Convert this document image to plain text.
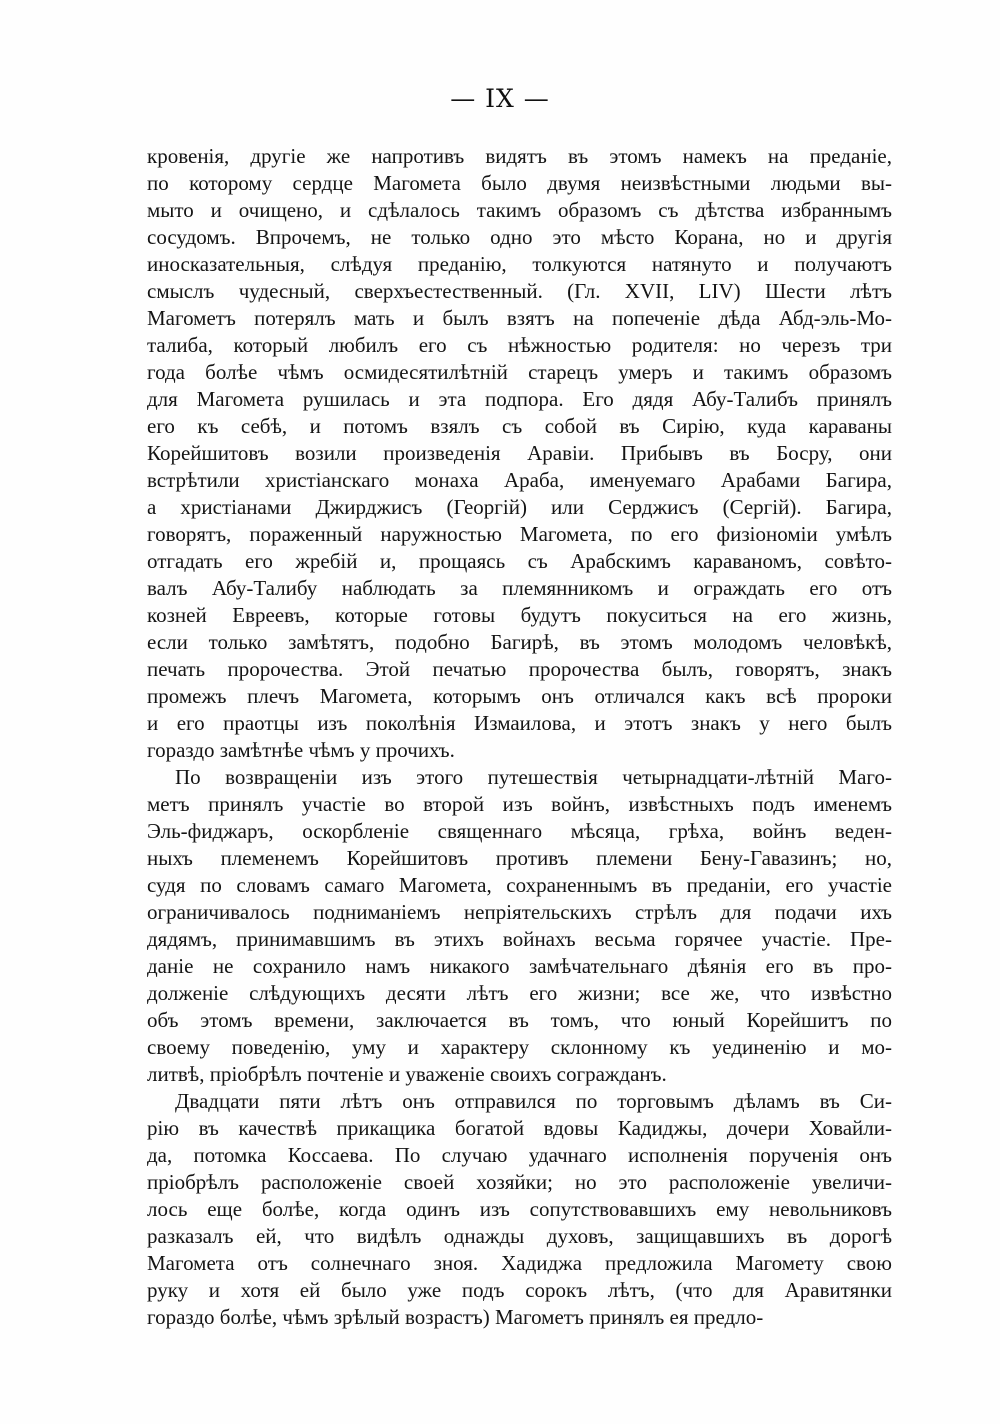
— IX —
кровенія, другіе же напротивъ видятъ въ этомъ намекъ на преданіе,
по которому сердце Магомета было двумя неизвѣстными людьми вы-
мыто и очищено, и сдѣлалось такимъ образомъ съ дѣтства избраннымъ
сосудомъ. Впрочемъ, не только одно это мѣсто Корана, но и другія
иносказательныя, слѣдуя преданію, толкуются натянуто и получаютъ
смыслъ чудесный, сверхъестественный. (Гл. XVII, LIV) Шести лѣтъ
Магометъ потерялъ мать и былъ взятъ на попеченіе дѣда Абд-эль-Мо-
талиба, который любилъ его съ нѣжностью родителя: но черезъ три
года болѣе чѣмъ осмидесятилѣтній старецъ умеръ и такимъ образомъ
для Магомета рушилась и эта подпора. Его дядя Абу-Талибъ принялъ
его къ себѣ, и потомъ взялъ съ собой въ Сирію, куда караваны
Корейшитовъ возили произведенія Аравіи. Прибывъ въ Босру, они
встрѣтили христіанскаго монаха Араба, именуемаго Арабами Багира,
а христіанами Джирджисъ (Георгій) или Серджисъ (Сергій). Багира,
говорятъ, пораженный наружностью Магомета, по его физіономіи умѣлъ
отгадать его жребій и, прощаясь съ Арабскимъ караваномъ, совѣто-
валъ Абу-Талибу наблюдать за племянникомъ и ограждать его отъ
козней Евреевъ, которые готовы будутъ покуситься на его жизнь,
если только замѣтятъ, подобно Багирѣ, въ этомъ молодомъ человѣкѣ,
печать пророчества. Этой печатью пророчества былъ, говорятъ, знакъ
промежъ плечъ Магомета, которымъ онъ отличался какъ всѣ пророки
и его праотцы изъ поколѣнія Измаилова, и этотъ знакъ у него былъ
гораздо замѣтнѣе чѣмъ у прочихъ.
По возвращеніи изъ этого путешествія четырнадцати-лѣтній Маго-
метъ принялъ участіе во второй изъ войнъ, извѣстныхъ подъ именемъ
Эль-фиджаръ, оскорбленіе священнаго мѣсяца, грѣха, войнъ веден-
ныхъ племенемъ Корейшитовъ противъ племени Бену-Гавазинъ; но,
судя по словамъ самаго Магомета, сохраненнымъ въ преданіи, его участіе
ограничивалось подниманіемъ непріятельскихъ стрѣлъ для подачи ихъ
дядямъ, принимавшимъ въ этихъ войнахъ весьма горячее участіе. Пре-
даніе не сохранило намъ никакого замѣчательнаго дѣянія его въ про-
долженіе слѣдующихъ десяти лѣтъ его жизни; все же, что извѣстно
объ этомъ времени, заключается въ томъ, что юный Корейшитъ по
своему поведенію, уму и характеру склонному къ уединенію и мо-
литвѣ, пріобрѣлъ почтеніе и уваженіе своихъ согражданъ.
Двадцати пяти лѣтъ онъ отправился по торговымъ дѣламъ въ Си-
рію въ качествѣ прикащика богатой вдовы Кадиджы, дочери Ховайли-
да, потомка Коссаева. По случаю удачнаго исполненія порученія онъ
пріобрѣлъ расположеніе своей хозяйки; но это расположеніе увеличи-
лось еще болѣе, когда одинъ изъ сопутствовавшихъ ему невольниковъ
разказалъ ей, что видѣлъ однажды духовъ, защищавшихъ въ дорогѣ
Магомета отъ солнечнаго зноя. Хадиджа предложила Магомету свою
руку и хотя ей было уже подъ сорокъ лѣтъ, (что для Аравитянки
гораздо болѣе, чѣмъ зрѣлый возрастъ) Магометъ принялъ ея предло-
